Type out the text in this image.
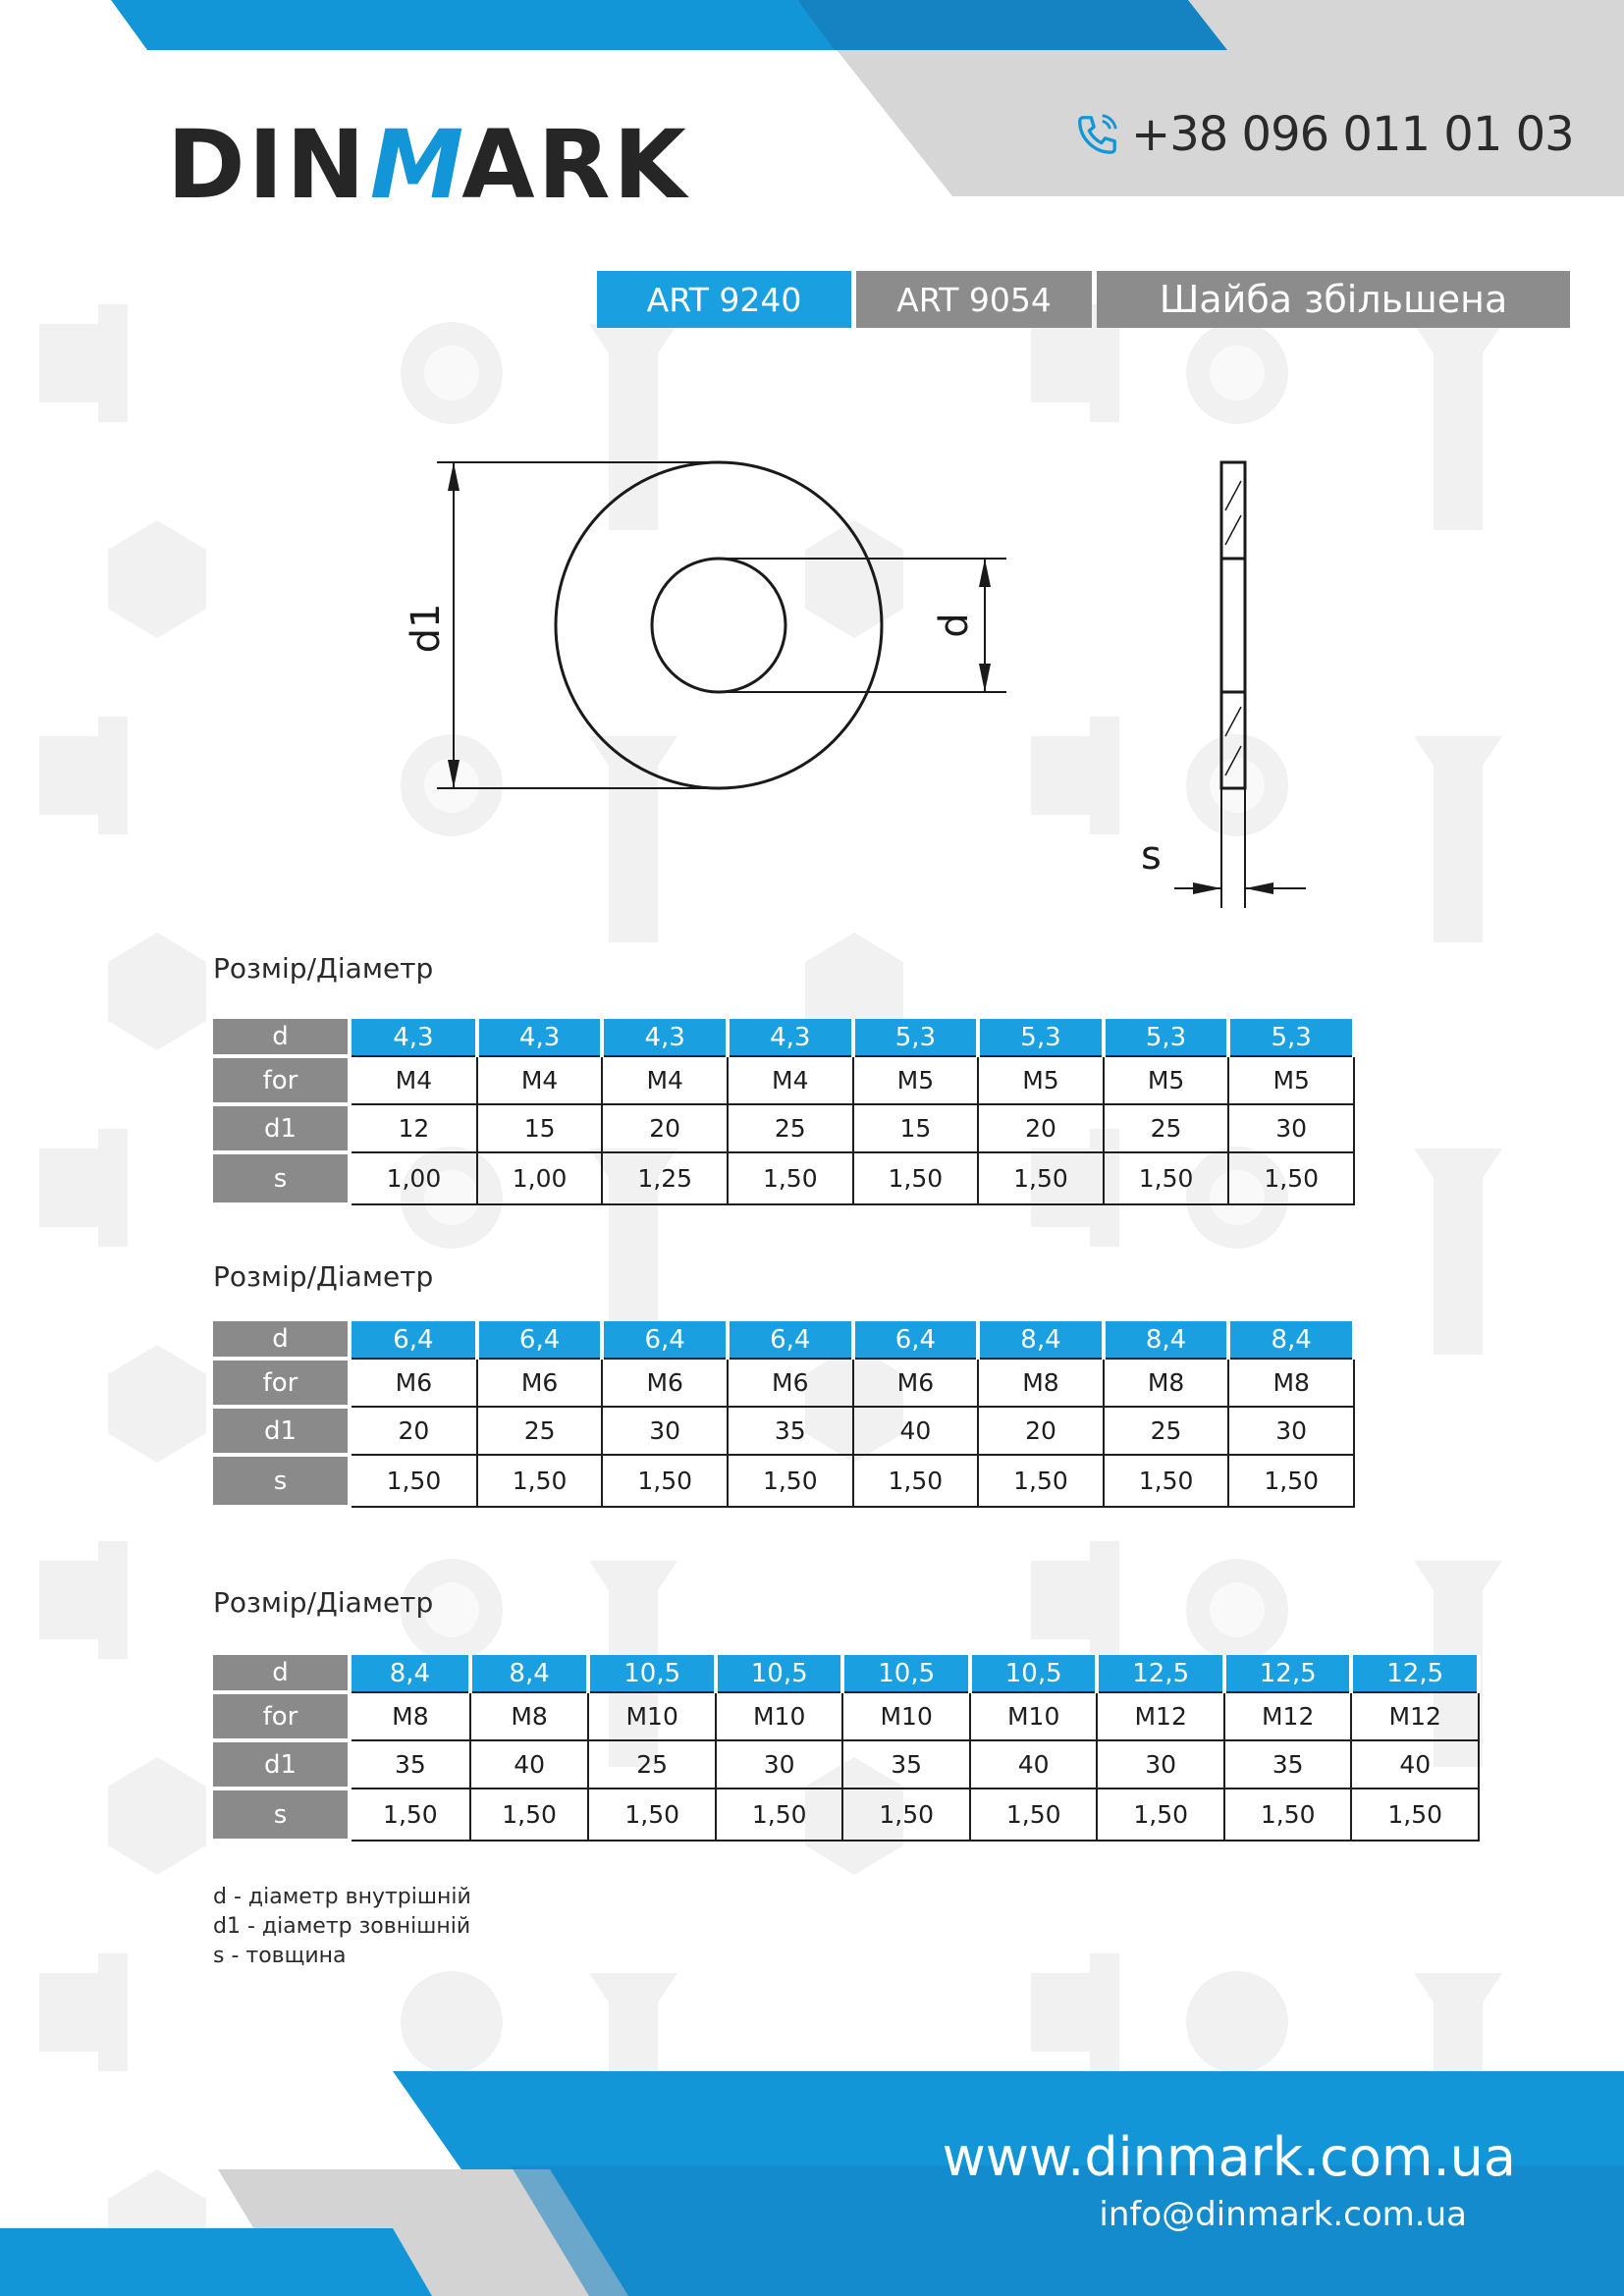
DIN M ARK	+38 096 011 01 03
ART 9240	ART 9054	Шайба збільшена
d1	d
s
Розмір/Діаметр
d	4,3	4,3	4,3	4,3	5,3	5,3	5,3	5,3
for	M4	M4	M4	M4	M5	M5	M5	M5
d1	12	15	20	25	15	20	25	30
s	1,00	1,00	1,25	1,50	1,50	1,50	1,50	1,50
Розмір/Діаметр
d	6,4	6,4	6,4	6,4	6,4	8,4	8,4	8,4
for	M6	M6	M6	M6	M6	M8	M8	M8
d1	20	25	30	35	40	20	25	30
s	1,50	1,50	1,50	1,50	1,50	1,50	1,50	1,50
Розмір/Діаметр
d	8,4	8,4	10,5	10,5	10,5	10,5	12,5	12,5	12,5
for	M8	M8	M10	M10	M10	M10	M12	M12	M12
d1	35	40	25	30	35	40	30	35	40
s	1,50	1,50	1,50	1,50	1,50	1,50	1,50	1,50	1,50
d - діаметр внутрішній
d1 - діаметр зовнішній
s - товщина
www.dinmark.com.ua
info@dinmark.com.ua
